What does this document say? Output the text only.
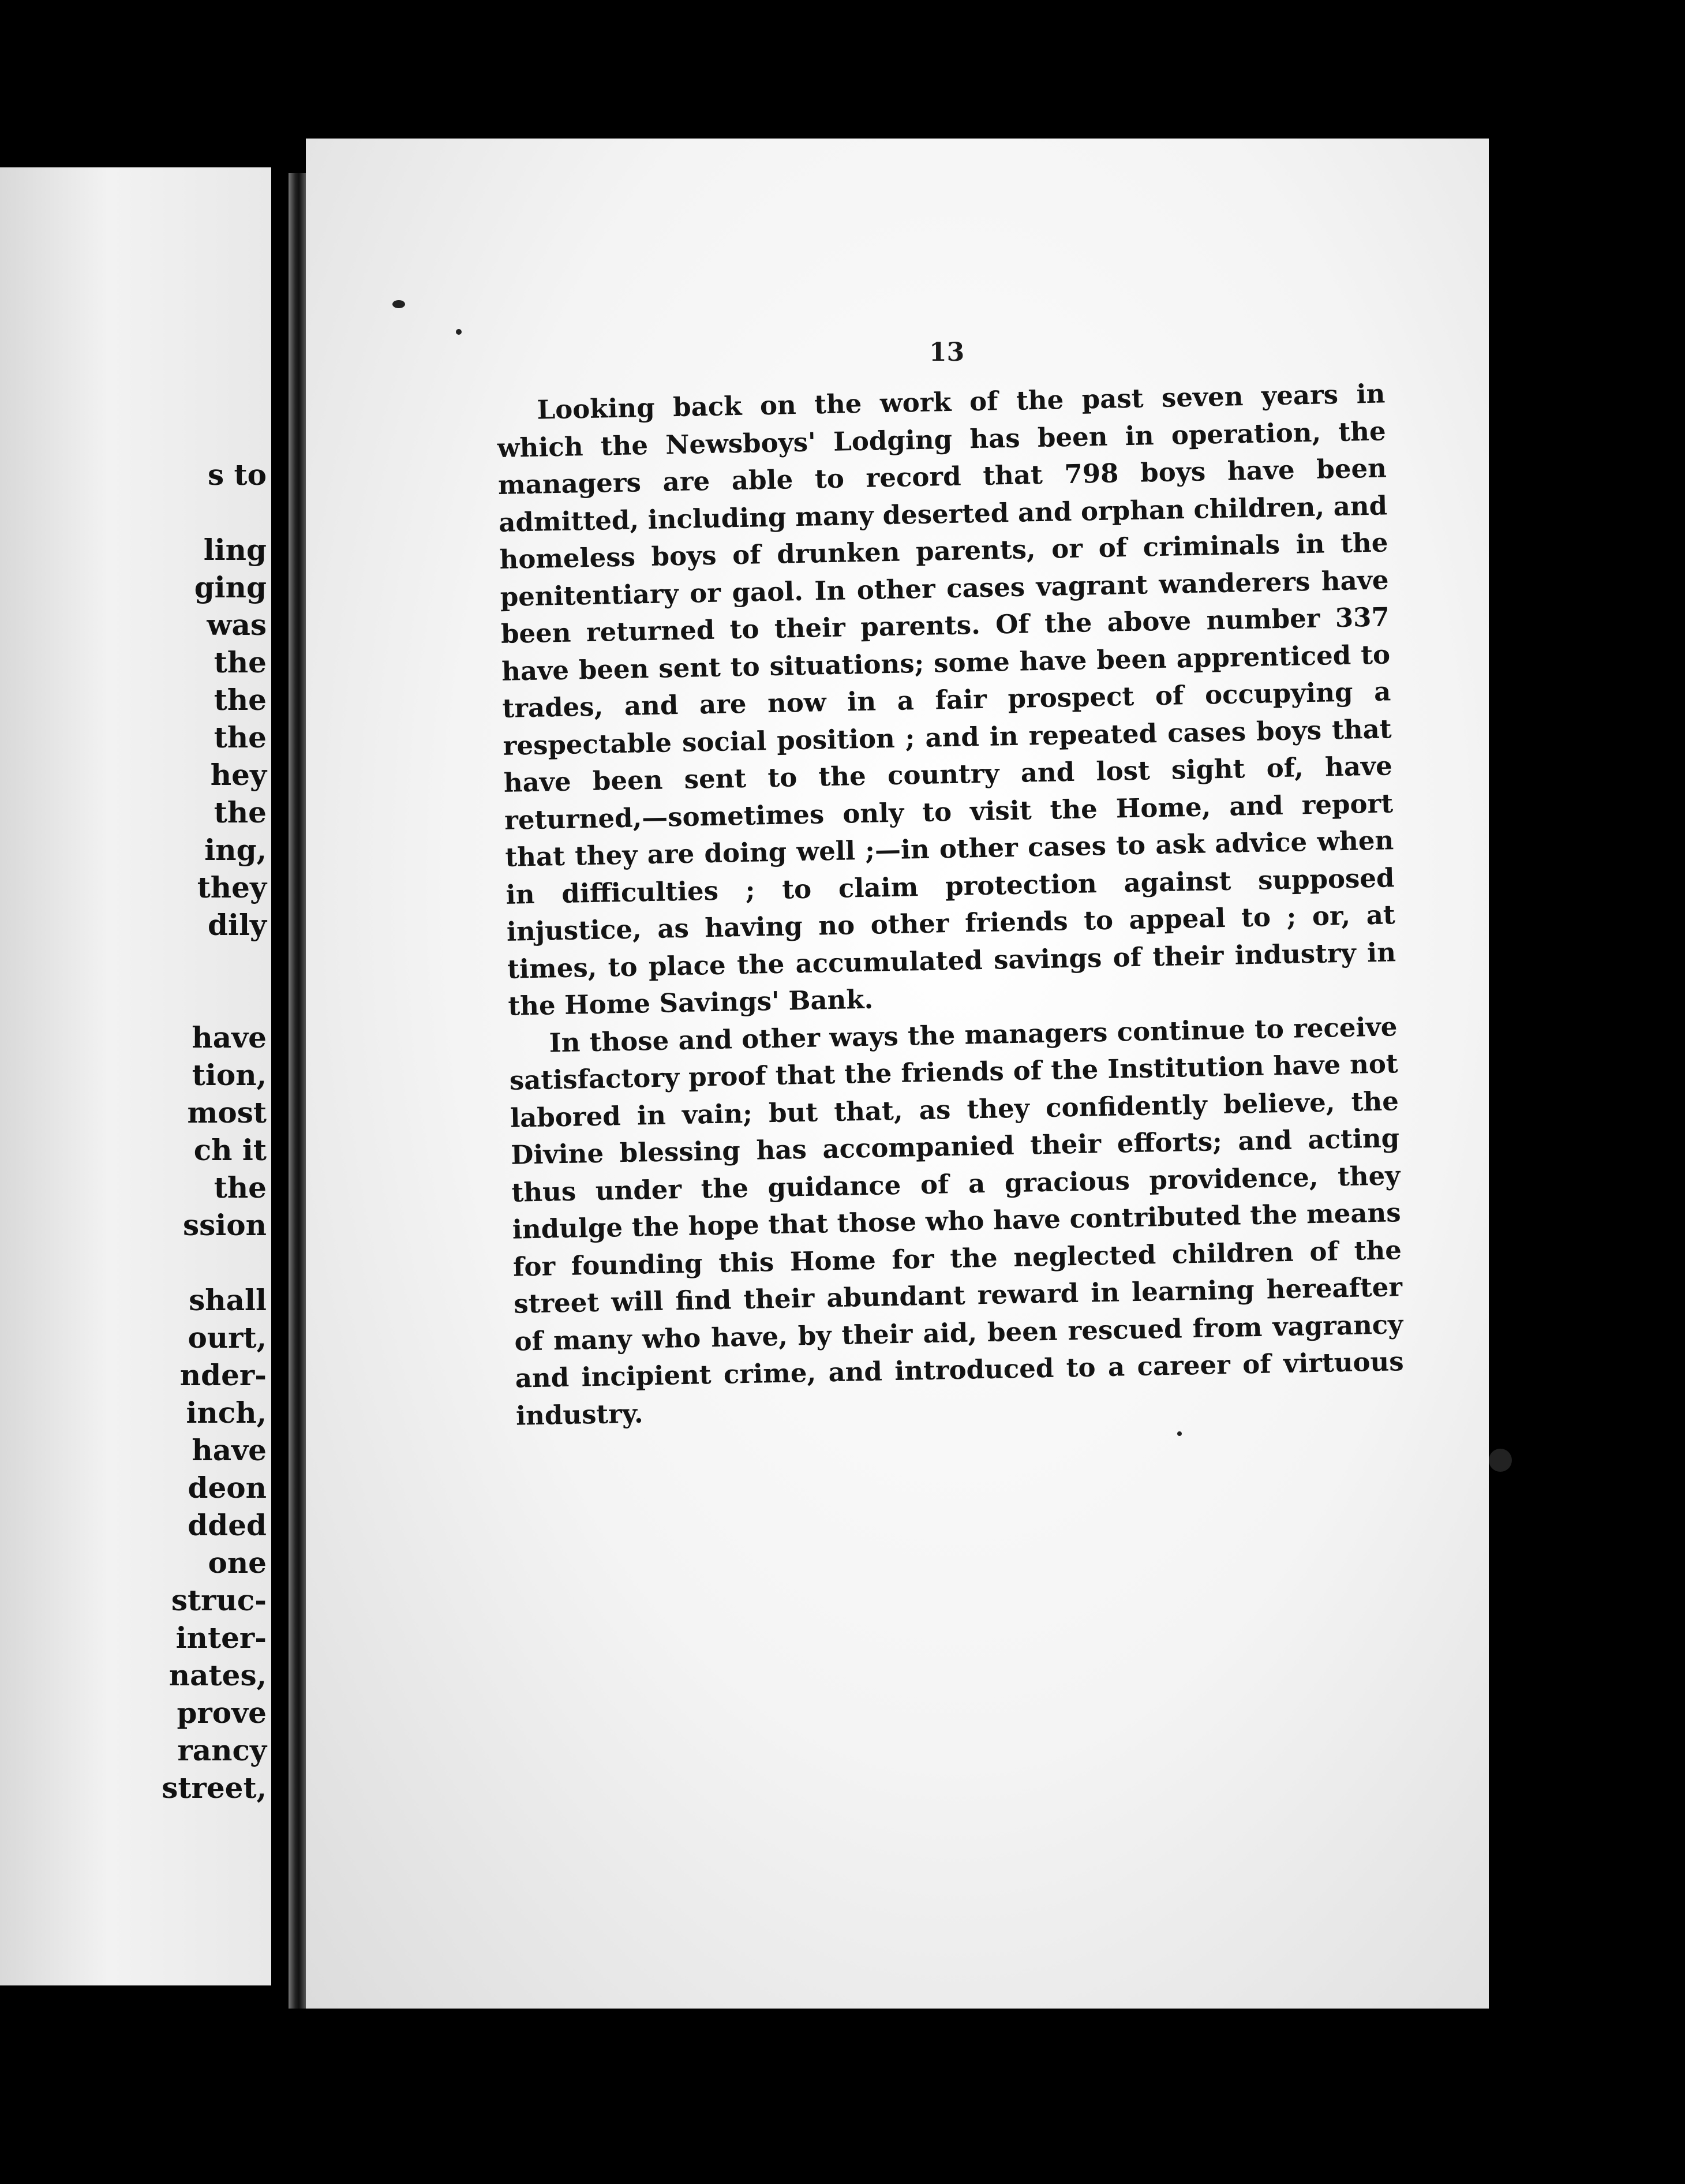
s to

ling
ging
was
the
the
the
hey
the
ing,
they
dily
have
tion,
most
ch it
the
ssion

shall
ourt,
nder-
inch,
have
deon
dded
one
struc-
inter-
nates,
prove
rancy
street,
13

Looking back on the work of the past seven years in which the Newsboys' Lodging has been in operation, the managers are able to record that 798 boys have been admitted, including many deserted and orphan children, and homeless boys of drunken parents, or of criminals in the penitentiary or gaol. In other cases vagrant wanderers have been returned to their parents. Of the above number 337 have been sent to situations; some have been apprenticed to trades, and are now in a fair prospect of occupying a respectable social position ; and in repeated cases boys that have been sent to the country and lost sight of, have returned,—sometimes only to visit the Home, and report that they are doing well ;—in other cases to ask advice when in difficulties ; to claim protection against supposed injustice, as having no other friends to appeal to ; or, at times, to place the accumulated savings of their industry in the Home Savings' Bank.

In those and other ways the managers continue to receive satisfactory proof that the friends of the Institution have not labored in vain; but that, as they confidently believe, the Divine blessing has accompanied their efforts; and acting thus under the guidance of a gracious providence, they indulge the hope that those who have contributed the means for founding this Home for the neglected children of the street will find their abundant reward in learning hereafter of many who have, by their aid, been rescued from vagrancy and incipient crime, and introduced to a career of virtuous industry.
